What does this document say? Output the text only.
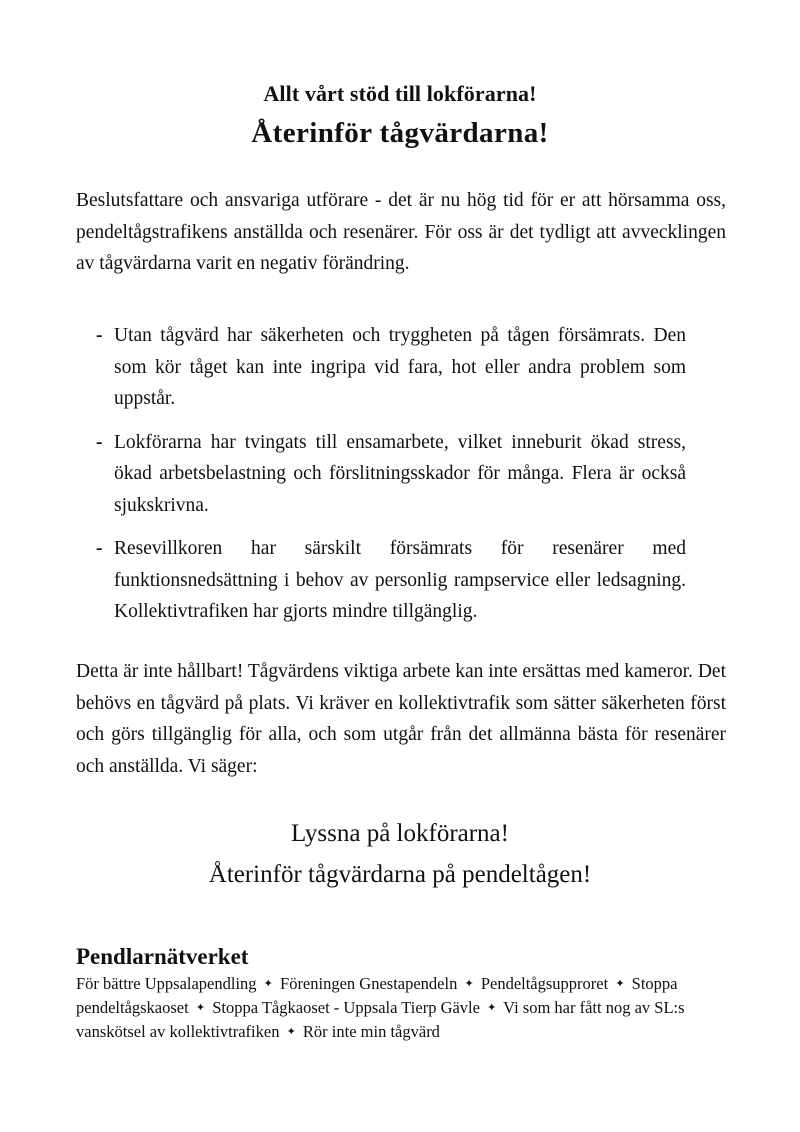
Allt vårt stöd till lokförarna!
Återinför tågvärdarna!

Beslutsfattare och ansvariga utförare - det är nu hög tid för er att hörsamma oss, pendeltågstrafikens anställda och resenärer. För oss är det tydligt att avvecklingen av tågvärdarna varit en negativ förändring.

- Utan tågvärd har säkerheten och tryggheten på tågen försämrats. Den som kör tåget kan inte ingripa vid fara, hot eller andra problem som uppstår.
- Lokförarna har tvingats till ensamarbete, vilket inneburit ökad stress, ökad arbetsbelastning och förslitningsskador för många. Flera är också sjukskrivna.
- Resevillkoren har särskilt försämrats för resenärer med funktionsnedsättning i behov av personlig rampservice eller ledsagning. Kollektivtrafiken har gjorts mindre tillgänglig.

Detta är inte hållbart! Tågvärdens viktiga arbete kan inte ersättas med kameror. Det behövs en tågvärd på plats. Vi kräver en kollektivtrafik som sätter säkerheten först och görs tillgänglig för alla, och som utgår från det allmänna bästa för resenärer och anställda. Vi säger:

Lyssna på lokförarna!
Återinför tågvärdarna på pendeltågen!
Pendlarnätverket

För bättre Uppsalapendling ✦ Föreningen Gnestapendeln ✦ Pendeltågsupproret ✦ Stoppa pendeltågskaoset ✦ Stoppa Tågkaoset - Uppsala Tierp Gävle ✦ Vi som har fått nog av SL:s vanskötsel av kollektivtrafiken ✦ Rör inte min tågvärd
